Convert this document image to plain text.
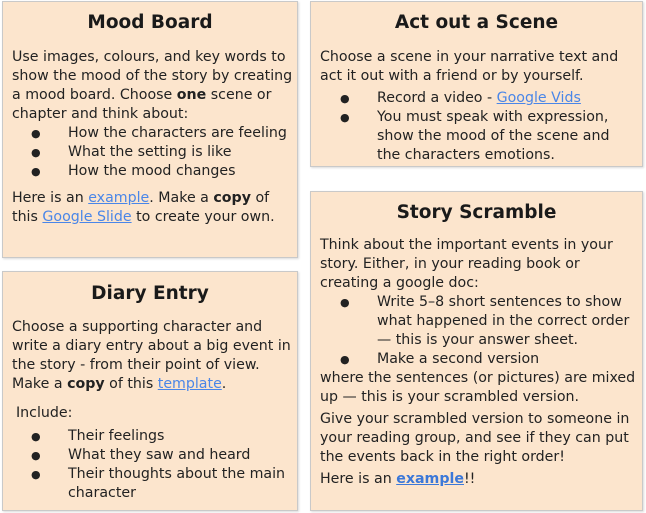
Mood Board

Use images, colours, and key words to show the mood of the story by creating a mood board. Choose one scene or chapter and think about:

● How the characters are feeling
● What the setting is like
● How the mood changes

Here is an example. Make a copy of this Google Slide to create your own.

Diary Entry

Choose a supporting character and write a diary entry about a big event in the story - from their point of view. Make a copy of this template.

Include:

● Their feelings
● What they saw and heard
● Their thoughts about the main character
Act out a Scene

Choose a scene in your narrative text and act it out with a friend or by yourself.

● Record a video - Google Vids
● You must speak with expression, show the mood of the scene and the characters emotions.
Story Scramble

Think about the important events in your story. Either, in your reading book or creating a google doc:

● Write 5–8 short sentences to show what happened in the correct order — this is your answer sheet.
● Make a second version

where the sentences (or pictures) are mixed up — this is your scrambled version.

Give your scrambled version to someone in your reading group, and see if they can put the events back in the right order!

Here is an example!!
